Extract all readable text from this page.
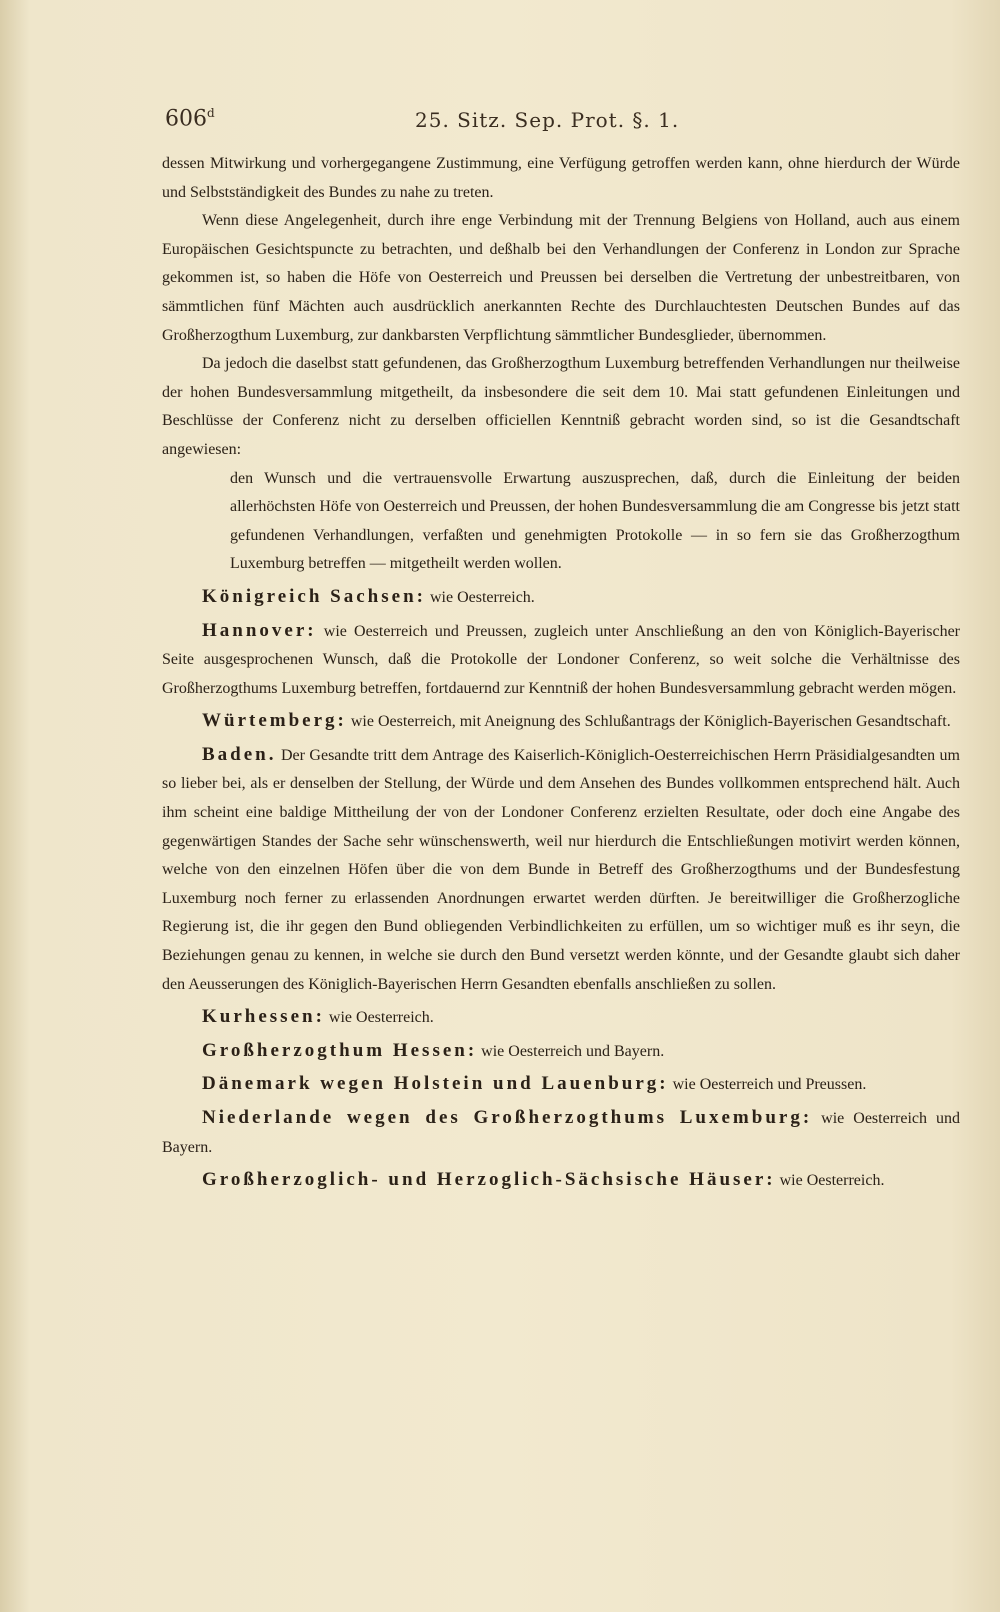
606$^d$	25. Sitz. Sep. Prot. §. 1.

dessen Mitwirkung und vorhergegangene Zustimmung, eine Verfügung getroffen werden kann, ohne hierdurch der Würde und Selbstständigkeit des Bundes zu nahe zu treten.

Wenn diese Angelegenheit, durch ihre enge Verbindung mit der Trennung Belgiens von Holland, auch aus einem Europäischen Gesichtspuncte zu betrachten, und deßhalb bei den Verhandlungen der Conferenz in London zur Sprache gekommen ist, so haben die Höfe von Oesterreich und Preussen bei derselben die Vertretung der unbestreitbaren, von sämmtlichen fünf Mächten auch ausdrücklich anerkannten Rechte des Durchlauchtesten Deutschen Bundes auf das Großherzogthum Luxemburg, zur dankbarsten Verpflichtung sämmtlicher Bundesglieder, übernommen.

Da jedoch die daselbst statt gefundenen, das Großherzogthum Luxemburg betreffenden Verhandlungen nur theilweise der hohen Bundesversammlung mitgetheilt, da insbesondere die seit dem 10. Mai statt gefundenen Einleitungen und Beschlüsse der Conferenz nicht zu derselben officiellen Kenntniß gebracht worden sind, so ist die Gesandtschaft angewiesen:

den Wunsch und die vertrauensvolle Erwartung auszusprechen, daß, durch die Einleitung der beiden allerhöchsten Höfe von Oesterreich und Preussen, der hohen Bundesversammlung die am Congresse bis jetzt statt gefundenen Verhandlungen, verfaßten und genehmigten Protokolle — in so fern sie das Großherzogthum Luxemburg betreffen — mitgetheilt werden wollen.

Königreich Sachsen: wie Oesterreich.

Hannover: wie Oesterreich und Preussen, zugleich unter Anschließung an den von Königlich-Bayerischer Seite ausgesprochenen Wunsch, daß die Protokolle der Londoner Conferenz, so weit solche die Verhältnisse des Großherzogthums Luxemburg betreffen, fortdauernd zur Kenntniß der hohen Bundesversammlung gebracht werden mögen.

Würtemberg: wie Oesterreich, mit Aneignung des Schlußantrags der Königlich-Bayerischen Gesandtschaft.

Baden. Der Gesandte tritt dem Antrage des Kaiserlich-Königlich-Oesterreichischen Herrn Präsidialgesandten um so lieber bei, als er denselben der Stellung, der Würde und dem Ansehen des Bundes vollkommen entsprechend hält. Auch ihm scheint eine baldige Mittheilung der von der Londoner Conferenz erzielten Resultate, oder doch eine Angabe des gegenwärtigen Standes der Sache sehr wünschenswerth, weil nur hierdurch die Entschließungen motivirt werden können, welche von den einzelnen Höfen über die von dem Bunde in Betreff des Großherzogthums und der Bundesfestung Luxemburg noch ferner zu erlassenden Anordnungen erwartet werden dürften. Je bereitwilliger die Großherzogliche Regierung ist, die ihr gegen den Bund obliegenden Verbindlichkeiten zu erfüllen, um so wichtiger muß es ihr seyn, die Beziehungen genau zu kennen, in welche sie durch den Bund versetzt werden könnte, und der Gesandte glaubt sich daher den Aeusserungen des Königlich-Bayerischen Herrn Gesandten ebenfalls anschließen zu sollen.

Kurhessen: wie Oesterreich.

Großherzogthum Hessen: wie Oesterreich und Bayern.

Dänemark wegen Holstein und Lauenburg: wie Oesterreich und Preussen.

Niederlande wegen des Großherzogthums Luxemburg: wie Oesterreich und Bayern.

Großherzoglich- und Herzoglich-Sächsische Häuser: wie Oesterreich.
